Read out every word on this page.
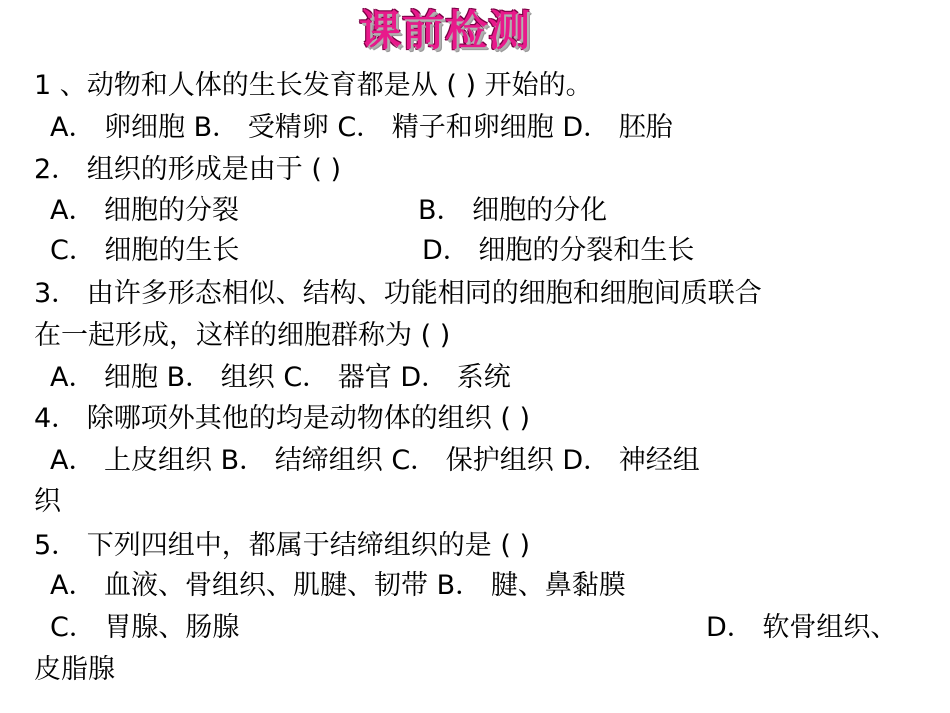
课前检测
1 、动物和人体的生长发育都是从 ( ) 开始的。
A． 卵细胞 B． 受精卵 C． 精子和卵细胞 D． 胚胎
2． 组织的形成是由于 ( )
A． 细胞的分裂	B． 细胞的分化
C． 细胞的生长	D． 细胞的分裂和生长
3． 由许多形态相似、结构、功能相同的细胞和细胞间质联合
在一起形成，这样的细胞群称为 ( )
A． 细胞 B． 组织 C． 器官 D． 系统
4． 除哪项外其他的均是动物体的组织 ( )
A． 上皮组织 B． 结缔组织 C． 保护组织 D． 神经组
织
5． 下列四组中，都属于结缔组织的是 ( )
A． 血液、骨组织、肌腱、韧带 B． 腱、鼻黏膜
C． 胃腺、肠腺	D． 软骨组织、
皮脂腺
